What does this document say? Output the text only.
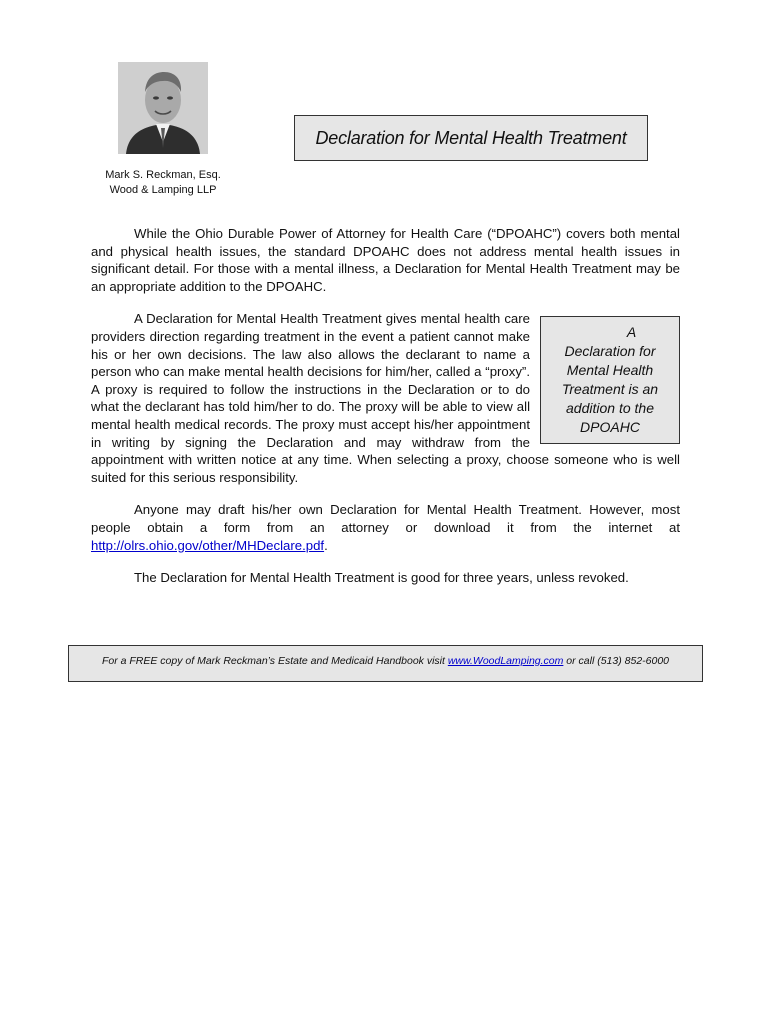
Mark S. Reckman, Esq.
Wood & Lamping LLP
Declaration for Mental Health Treatment

While the Ohio Durable Power of Attorney for Health Care (“DPOAHC”) covers both mental and physical health issues, the standard DPOAHC does not address mental health issues in significant detail. For those with a mental illness, a Declaration for Mental Health Treatment may be an appropriate addition to the DPOAHC.

A Declaration for Mental Health Treatment is an addition to the DPOAHC
A Declaration for Mental Health Treatment gives mental health care providers direction regarding treatment in the event a patient cannot make his or her own decisions. The law also allows the declarant to name a person who can make mental health decisions for him/her, called a “proxy”. A proxy is required to follow the instructions in the Declaration or to do what the declarant has told him/her to do. The proxy will be able to view all mental health medical records. The proxy must accept his/her appointment in writing by signing the Declaration and may withdraw from the appointment with written notice at any time. When selecting a proxy, choose someone who is well suited for this serious responsibility.

Anyone may draft his/her own Declaration for Mental Health Treatment. However, most people obtain a form from an attorney or download it from the internet at http://olrs.ohio.gov/other/MHDeclare.pdf.

The Declaration for Mental Health Treatment is good for three years, unless revoked.

For a FREE copy of Mark Reckman’s Estate and Medicaid Handbook visit www.WoodLamping.com or call (513) 852-6000
